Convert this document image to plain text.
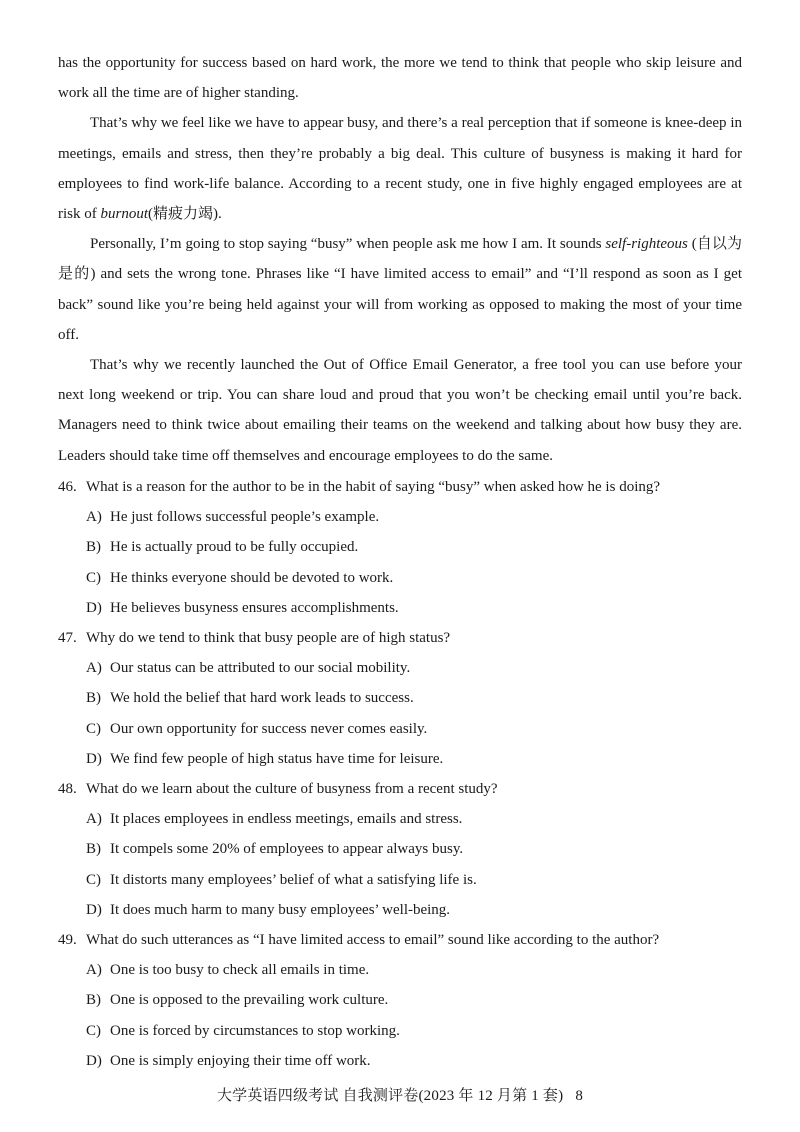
has the opportunity for success based on hard work, the more we tend to think that people who skip leisure and work all the time are of higher standing.

That’s why we feel like we have to appear busy, and there’s a real perception that if someone is knee-deep in meetings, emails and stress, then they’re probably a big deal. This culture of busyness is making it hard for employees to find work-life balance. According to a recent study, one in five highly engaged employees are at risk of burnout(精疲力竭).

Personally, I’m going to stop saying “busy” when people ask me how I am. It sounds self-righteous (自以为是的) and sets the wrong tone. Phrases like “I have limited access to email” and “I’ll respond as soon as I get back” sound like you’re being held against your will from working as opposed to making the most of your time off.

That’s why we recently launched the Out of Office Email Generator, a free tool you can use before your next long weekend or trip. You can share loud and proud that you won’t be checking email until you’re back. Managers need to think twice about emailing their teams on the weekend and talking about how busy they are. Leaders should take time off themselves and encourage employees to do the same.

46. What is a reason for the author to be in the habit of saying “busy” when asked how he is doing?
A) He just follows successful people’s example.
B) He is actually proud to be fully occupied.
C) He thinks everyone should be devoted to work.
D) He believes busyness ensures accomplishments.
47. Why do we tend to think that busy people are of high status?
A) Our status can be attributed to our social mobility.
B) We hold the belief that hard work leads to success.
C) Our own opportunity for success never comes easily.
D) We find few people of high status have time for leisure.
48. What do we learn about the culture of busyness from a recent study?
A) It places employees in endless meetings, emails and stress.
B) It compels some 20% of employees to appear always busy.
C) It distorts many employees’ belief of what a satisfying life is.
D) It does much harm to many busy employees’ well-being.
49. What do such utterances as “I have limited access to email” sound like according to the author?
A) One is too busy to check all emails in time.
B) One is opposed to the prevailing work culture.
C) One is forced by circumstances to stop working.
D) One is simply enjoying their time off work.
大学英语四级考试 自我测评卷(2023 年 12 月第 1 套) 8
